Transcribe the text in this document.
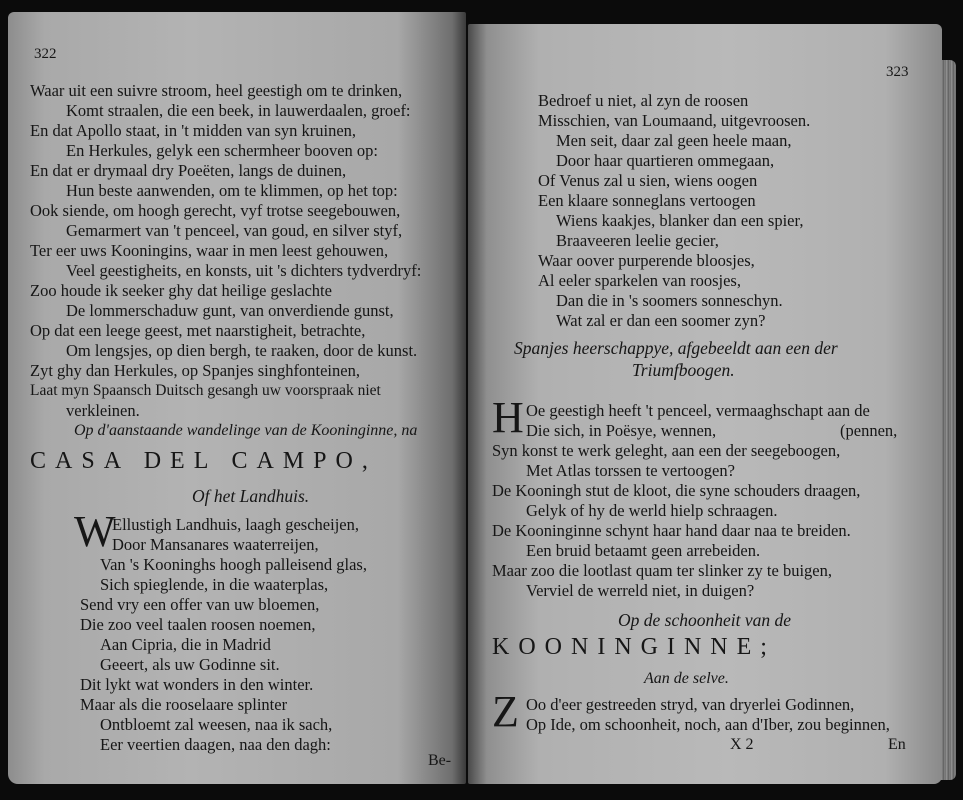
322
Waar uit een suivre stroom, heel geestigh om te drinken,
Komt straalen, die een beek, in lauwerdaalen, groef:
En dat Apollo staat, in 't midden van syn kruinen,
En Herkules, gelyk een schermheer booven op:
En dat er drymaal dry Poeëten, langs de duinen,
Hun beste aanwenden, om te klimmen, op het top:
Ook siende, om hoogh gerecht, vyf trotse seegebouwen,
Gemarmert van 't penceel, van goud, en silver styf,
Ter eer uws Kooningins, waar in men leest gehouwen,
Veel geestigheits, en konsts, uit 's dichters tydverdryf:
Zoo houde ik seeker ghy dat heilige geslachte
De lommerschaduw gunt, van onverdiende gunst,
Op dat een leege geest, met naarstigheit, betrachte,
Om lengsjes, op dien bergh, te raaken, door de kunst.
Zyt ghy dan Herkules, op Spanjes singhfonteinen,
Laat myn Spaansch Duitsch gesangh uw voorspraak niet
verkleinen.
Op d'aanstaande wandelinge van de Kooninginne, na
CASA DEL CAMPO,
Of het Landhuis.
W
Ellustigh Landhuis, laagh gescheijen,
Door Mansanares waaterreijen,
Van 's Kooninghs hoogh palleisend glas,
Sich spieglende, in die waaterplas,
Send vry een offer van uw bloemen,
Die zoo veel taalen roosen noemen,
Aan Cipria, die in Madrid
Geeert, als uw Godinne sit.
Dit lykt wat wonders in den winter.
Maar als die rooselaare splinter
Ontbloemt zal weesen, naa ik sach,
Eer veertien daagen, naa den dagh:
Be-
323
Bedroef u niet, al zyn de roosen
Misschien, van Loumaand, uitgevroosen.
Men seit, daar zal geen heele maan,
Door haar quartieren ommegaan,
Of Venus zal u sien, wiens oogen
Een klaare sonneglans vertoogen
Wiens kaakjes, blanker dan een spier,
Braaveeren leelie gecier,
Waar oover purperende bloosjes,
Al eeler sparkelen van roosjes,
Dan die in 's soomers sonneschyn.
Wat zal er dan een soomer zyn?
Spanjes heerschappye, afgebeeldt aan een der
Triumfboogen.
H Oe geestigh heeft 't penceel, vermaaghschapt aan de
Die sich, in Poësye, wennen,	(pennen,
Syn konst te werk geleght, aan een der seegeboogen,
Met Atlas torssen te vertoogen?
De Kooningh stut de kloot, die syne schouders draagen,
Gelyk of hy de werld hielp schraagen.
De Kooninginne schynt haar hand daar naa te breiden.
Een bruid betaamt geen arrebeiden.
Maar zoo die lootlast quam ter slinker zy te buigen,
Verviel de werreld niet, in duigen?
Op de schoonheit van de
KOONINGINNE;
Aan de selve.
Z Oo d'eer gestreeden stryd, van dryerlei Godinnen,
Op Ide, om schoonheit, noch, aan d'Iber, zou beginnen,
X 2	En
